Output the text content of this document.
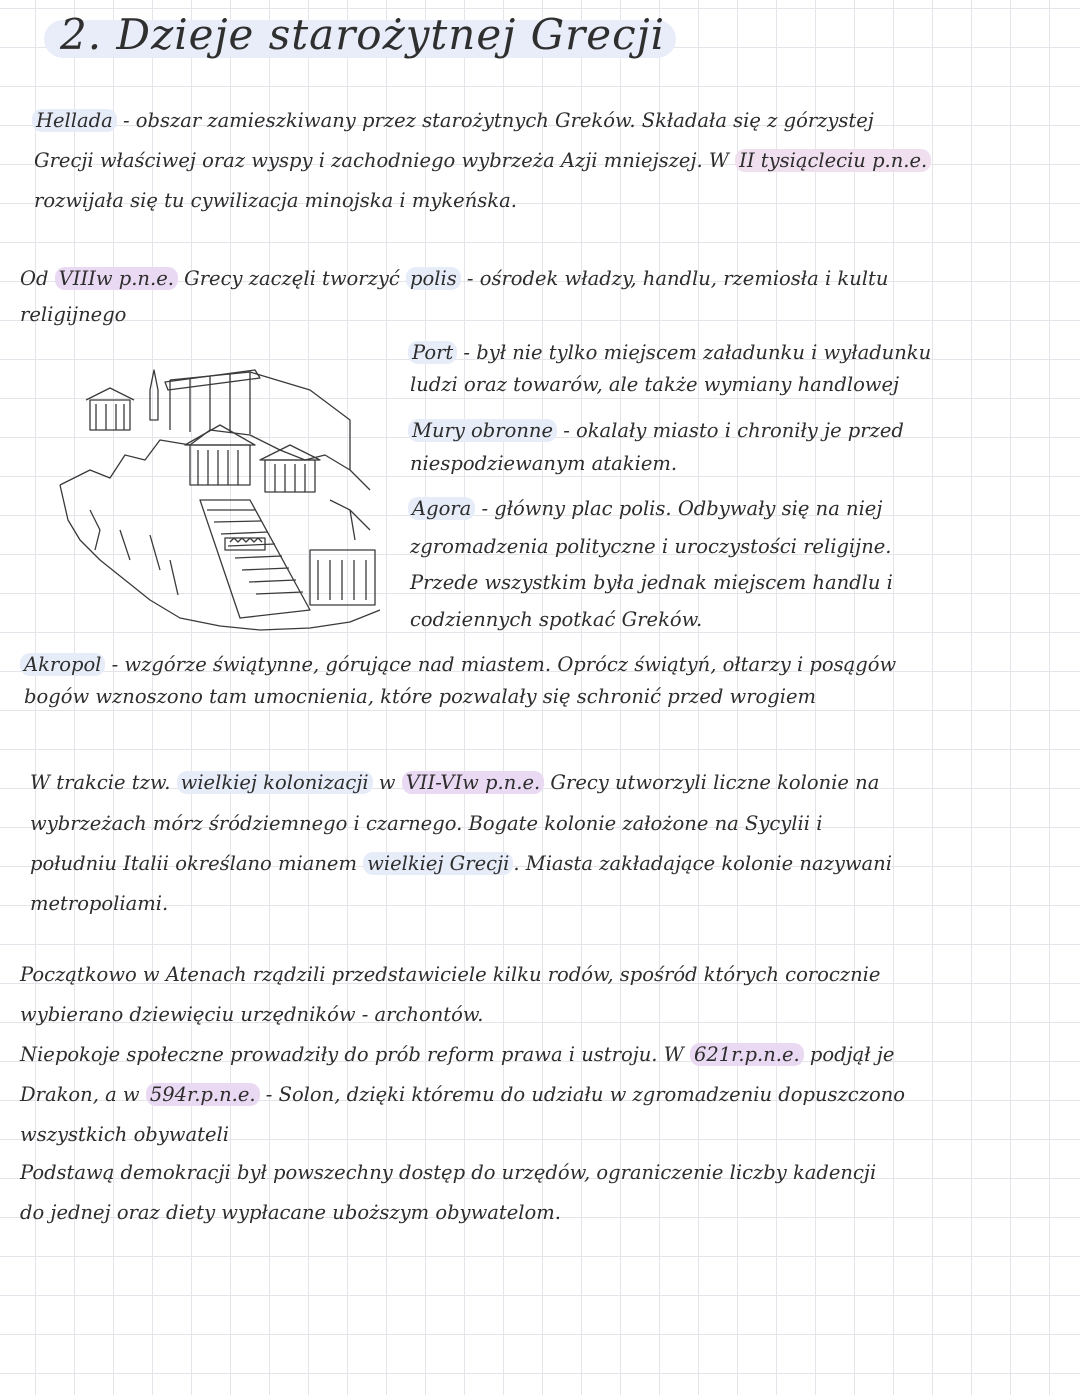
2. Dzieje starożytnej Grecji
Hellada - obszar zamieszkiwany przez starożytnych Greków. Składała się z górzystej
Grecji właściwej oraz wyspy i zachodniego wybrzeża Azji mniejszej. W II tysiącleciu p.n.e.
rozwijała się tu cywilizacja minojska i mykeńska.
Od VIIIw p.n.e. Grecy zaczęli tworzyć polis - ośrodek władzy, handlu, rzemiosła i kultu
religijnego
Port - był nie tylko miejscem załadunku i wyładunku
ludzi oraz towarów, ale także wymiany handlowej
Mury obronne - okalały miasto i chroniły je przed
niespodziewanym atakiem.
Agora - główny plac polis. Odbywały się na niej
zgromadzenia polityczne i uroczystości religijne.
Przede wszystkim była jednak miejscem handlu i
codziennych spotkać Greków.
Akropol - wzgórze świątynne, górujące nad miastem. Oprócz świątyń, ołtarzy i posągów
bogów wznoszono tam umocnienia, które pozwalały się schronić przed wrogiem
W trakcie tzw. wielkiej kolonizacji w VII-VIw p.n.e. Grecy utworzyli liczne kolonie na
wybrzeżach mórz śródziemnego i czarnego. Bogate kolonie założone na Sycylii i
południu Italii określano mianem wielkiej Grecji . Miasta zakładające kolonie nazywani
metropoliami.
Początkowo w Atenach rządzili przedstawiciele kilku rodów, spośród których corocznie
wybierano dziewięciu urzędników - archontów.
Niepokoje społeczne prowadziły do prób reform prawa i ustroju. W 621r.p.n.e. podjął je
Drakon, a w 594r.p.n.e. - Solon, dzięki któremu do udziału w zgromadzeniu dopuszczono
wszystkich obywateli
Podstawą demokracji był powszechny dostęp do urzędów, ograniczenie liczby kadencji
do jednej oraz diety wypłacane uboższym obywatelom.
